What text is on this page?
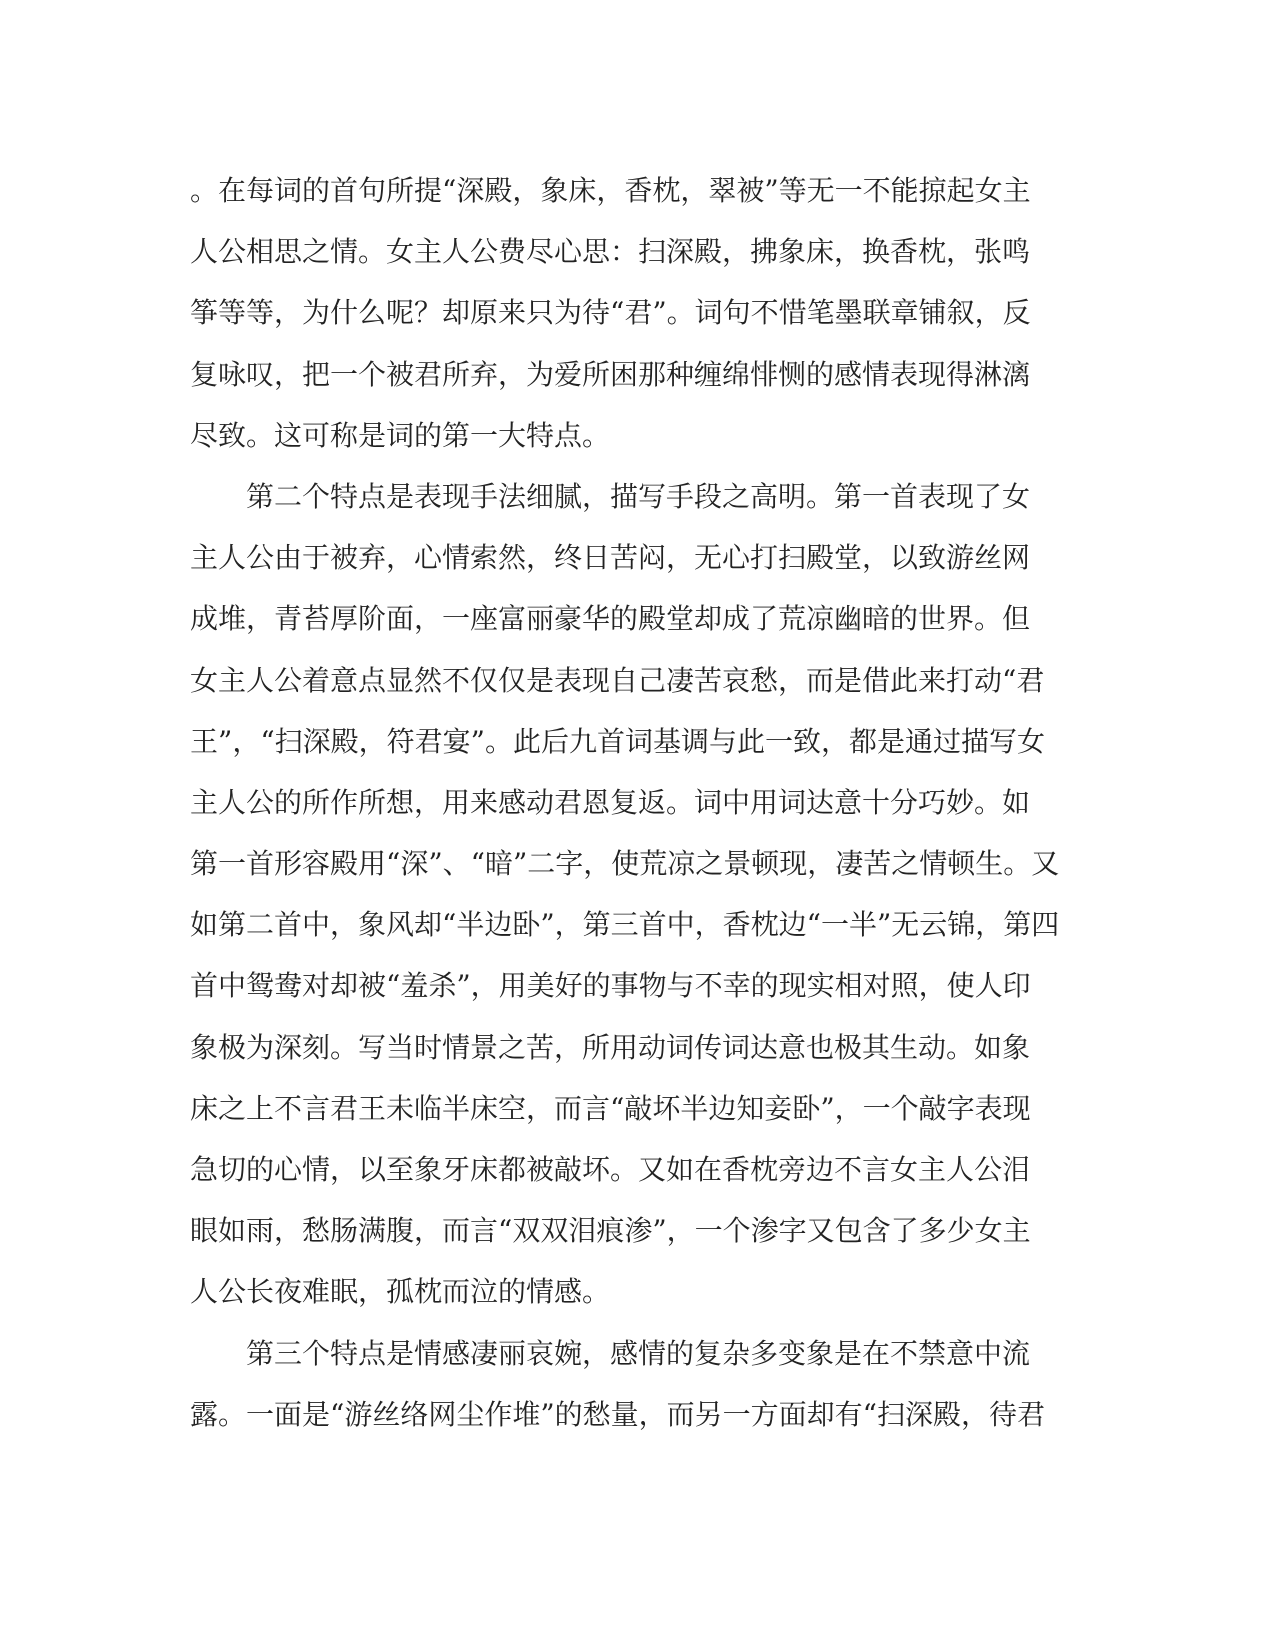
。在每词的首句所提“深殿，象床，香枕，翠被”等无一不能掠起女主
人公相思之情。女主人公费尽心思：扫深殿，拂象床，换香枕，张鸣
筝等等，为什么呢？却原来只为待“君”。词句不惜笔墨联章铺叙，反
复咏叹，把一个被君所弃，为爱所困那种缠绵悱恻的感情表现得淋漓
尽致。这可称是词的第一大特点。
　　第二个特点是表现手法细腻，描写手段之高明。第一首表现了女
主人公由于被弃，心情索然，终日苦闷，无心打扫殿堂，以致游丝网
成堆，青苔厚阶面，一座富丽豪华的殿堂却成了荒凉幽暗的世界。但
女主人公着意点显然不仅仅是表现自己凄苦哀愁，而是借此来打动“君
王”，“扫深殿，符君宴”。此后九首词基调与此一致，都是通过描写女
主人公的所作所想，用来感动君恩复返。词中用词达意十分巧妙。如
第一首形容殿用“深”、“暗”二字，使荒凉之景顿现，凄苦之情顿生。又
如第二首中，象风却“半边卧”，第三首中，香枕边“一半”无云锦，第四
首中鸳鸯对却被“羞杀”，用美好的事物与不幸的现实相对照，使人印
象极为深刻。写当时情景之苦，所用动词传词达意也极其生动。如象
床之上不言君王未临半床空，而言“敲坏半边知妾卧”，一个敲字表现
急切的心情，以至象牙床都被敲坏。又如在香枕旁边不言女主人公泪
眼如雨，愁肠满腹，而言“双双泪痕渗”，一个渗字又包含了多少女主
人公长夜难眠，孤枕而泣的情感。
　　第三个特点是情感凄丽哀婉，感情的复杂多变象是在不禁意中流
露。一面是“游丝络网尘作堆”的愁量，而另一方面却有“扫深殿，待君
